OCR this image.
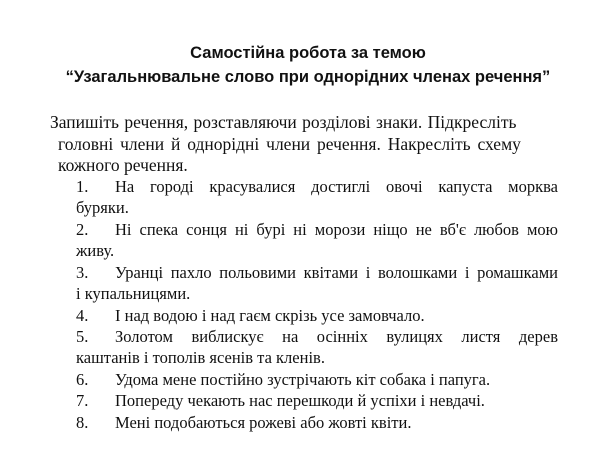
Самостійна робота за темою
“Узагальнювальне слово при однорідних членах речення”
Запишіть речення, розставляючи розділові знаки. Підкресліть
головні члени й однорідні члени речення. Накресліть схему
кожного речення.
1. На городі красувалися достиглі овочі капуста морква
буряки.
2. Ні спека сонця ні бурі ні морози ніщо не вб'є любов мою
живу.
3. Уранці пахло польовими квітами і волошками і ромашками
і купальницями.
4. І над водою і над гаєм скрізь усе замовчало.
5. Золотом виблискує на осінніх вулицях листя дерев
каштанів і тополів ясенів та кленів.
6. Удома мене постійно зустрічають кіт собака і папуга.
7. Попереду чекають нас перешкоди й успіхи і невдачі.
8. Мені подобаються рожеві або жовті квіти.
